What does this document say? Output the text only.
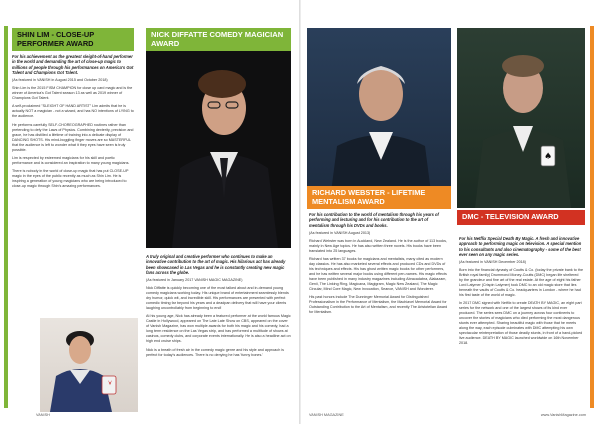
SHIN LIM - CLOSE-UP PERFORMER AWARD
For his achievement as the greatest sleight-of-hand performer in the world and demanding the art of close-up magic to millions of people through his performances on America's Got Talent and Champions Got Talent.
(As featured in VANISH in August 2015 and October 2018)

Shin Lim is the 2015 FISM CHAMPION for close up card magic and is the winner of America's Got Talent season 13 as well as 2019 winner of Champions Got Talent.

A self-proclaimed "SLEIGHT OF HAND ARTIST" Lim admits that he is actually NOT a magician - not a wizard, and has NO intentions of LYING to the audience.

He performs carefully SELF-CHOREOGRAPHED routines rather than pretending to defy the Laws of Physics. Combining dexterity, precision and grace, he has distilled a lifetime of training into a delicate display of DANCING SHOTS. His mind-boggling finger moves are so MASTERFUL that the audience is left to wonder what it they eyes have seen is truly possible.

Lim is respected by esteemed magicians for his skill and poetic performance and is considered an inspiration to many young magicians.

There is nobody in the world of close-up magic that has put CLOSE-UP magic in the eyes of the public recently as much as Shin Lim. He is inspiring a generation of young magicians who are being introduced to close-up magic through Shin's amazing performances.

NICK DIFFATTE COMEDY MAGICIAN AWARD
A truly original and creative performer who continues to make an innovative contribution to the art of magic. His hilarious act has already been showcased in Las Vegas and he is constantly creating new magic fans across the globe.
(As featured in January 2017 VANISH MAGIC MAGAZINE)

Nick Diffatte is quickly becoming one of the most talked about and in-demand young comedy magicians working today. His unique brand of entertainment seamlessly blends dry humor, quick wit, and incredible skill. His performances are presented with perfect comedic timing far beyond his years and a deadpan delivery that will have your clients laughing uncontrollably from beginning to end!

At his young age, Nick has already been a featured performer at the world famous Magic Castle in Hollywood, appeared on The Late Late Show on CBS, appeared on the cover of Vanish Magazine, has won multiple awards for both his magic and his comedy, had a long term residence on the Las Vegas strip, and has performed a multitude of shows at casinos, comedy clubs, and corporate events internationally. He is also a headline act on high end cruise ships.

Nick is a breath of fresh air in the comedy magic genre and his style and approach is perfect for today's audiences. There is no denying he has 'funny bones.'

VANISH
RICHARD WEBSTER - LIFETIME MENTALISM AWARD
For his contribution to the world of mentalism through his years of performing and lecturing and for his contribution to the art of mentalism through his DVDs and books.
(As featured in VANISH August 2013)

Richard Webster was born in Auckland, New Zealand. He is the author of 113 books, mainly in New Age topics. He has also written three novels. His books have been translated into 25 languages.

Richard has written 37 books for magicians and mentalists, many cited as modern day classics. He has also marketed several effects and produced CDs and DVDs of his techniques and effects. His has ghost written magic books for other performers, and he has written several major books using different pen-names. His magic effects have been published in many industry magazines including Abracadabra, Alakazam, Genii, The Linking Ring, Magicana, Magigram, Magic New Zealand, The Magic Circular, Mind Core Magic, New Invocation, Seance, VANISH and Wonderer.

His past honors include The Dunninger Memorial Award for Distinguished Professionalism in the Performance of Mentalism, the Machiavel Memorial Award for Outstanding Contribution to the Art of Mentalism, and recently The Aristotelian Award for Mentalism.

♠
DMC - TELEVISION AWARD
For his Netflix Special Death By Magic. A fresh and innovative approach to performing magic on television. A special mention to his consultants and also cinematography - some of the best ever seen on any magic series.
(As featured in VANISH December 2018)

Born into the financial dynasty of Coutts & Co. (today the private bank to the British royal family) Drummond Money-Coutts (DMC) began life sheltered by the grandeur and fine art of the real estate. At the age of eight his father Lord Latymer (Crispin Latymer) took DMC to an old magic store that lies beneath the vaults of Coutts & Co. headquarters in London - where he had his first taste of the world of magic.

In 2017 DMC signed with Netflix to create DEATH BY MAGIC, an eight part series for the network and one of the largest shows of its kind ever produced. The series sees DMC on a journey across four continents to uncover the stories of magicians who died performing the most dangerous stunts ever attempted. Sharing beautiful magic with those that he meets along the way, each episode culminates with DMC attempting his own spectacular reinterpretation of those deadly stunts, in front of a hand-picked live audience. DEATH BY MAGIC launched worldwide on 16th November 2018.

VANISH MAGAZINE	www.VanishMagazine.com
